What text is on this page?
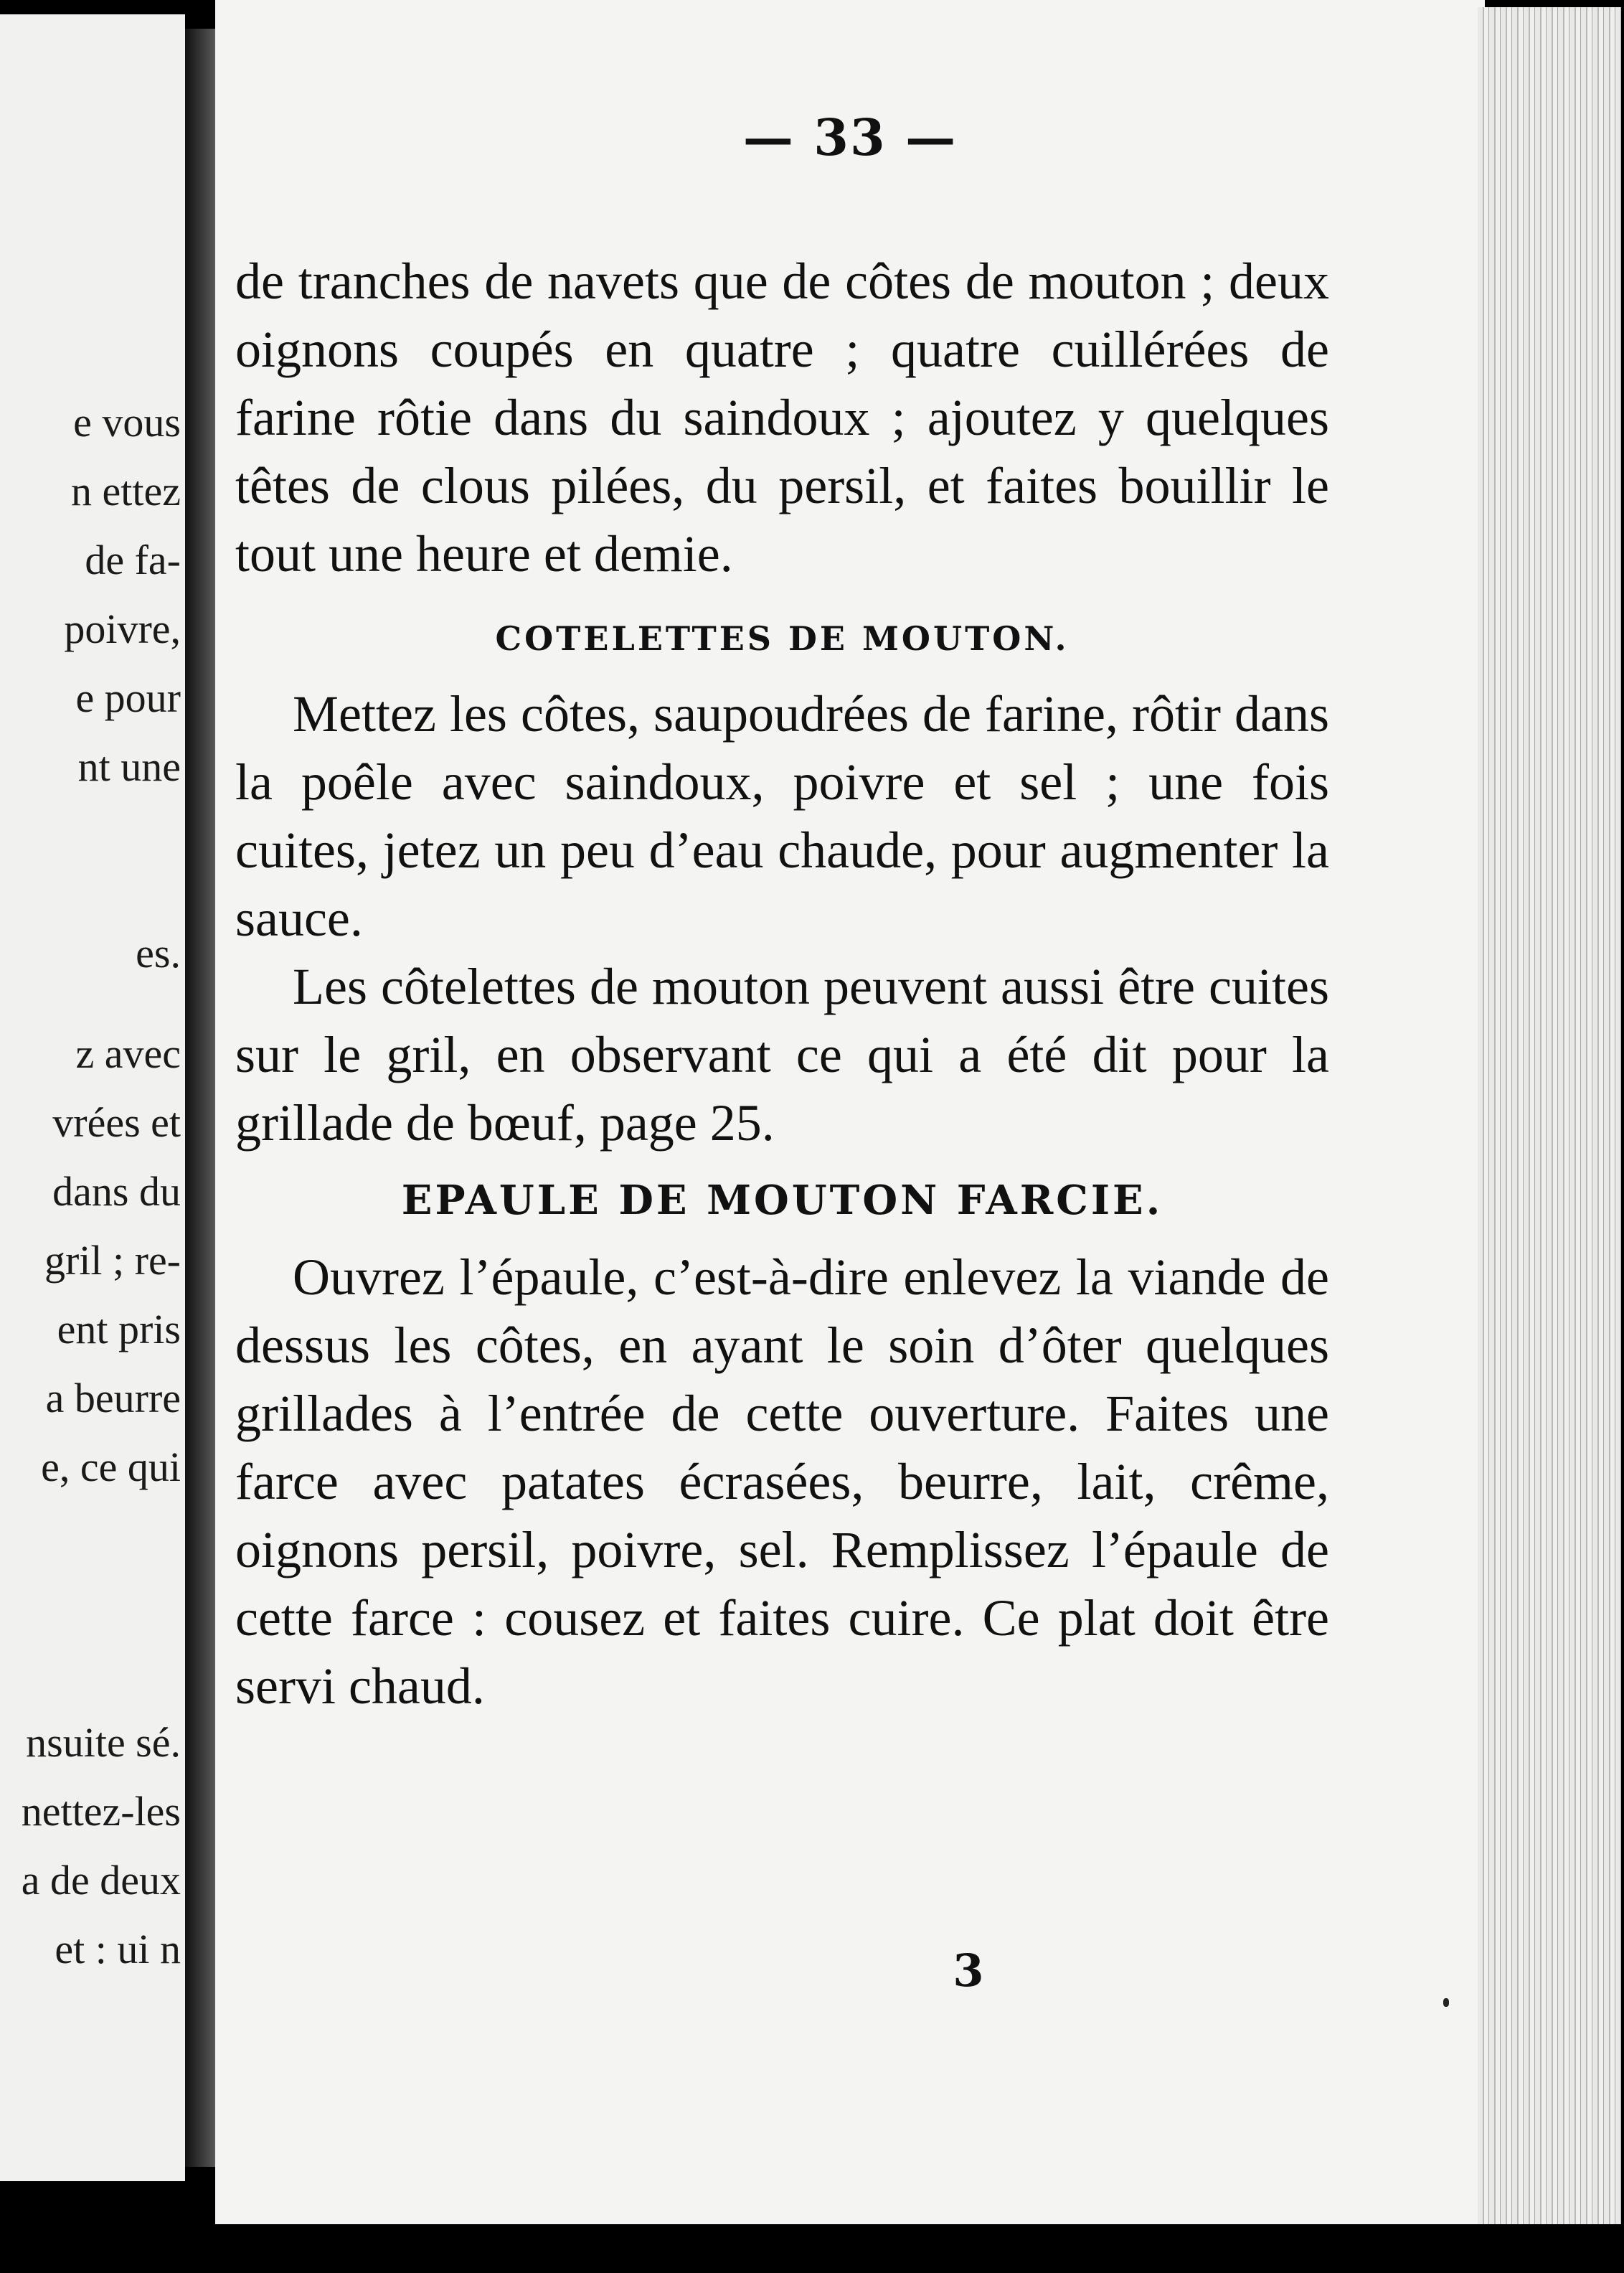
e vous
n ettez
de fa-
poivre,
e pour
nt une
es.
z avec
vrées et
dans du
gril ; re-
ent pris
a beurre
e, ce qui
nsuite sé.
nettez-les
a de deux
et : ui n
— 33 —

de tranches de navets que de côtes de mouton ; deux oignons coupés en quatre ; quatre cuillérées de farine rôtie dans du saindoux ; ajoutez y quelques têtes de clous pilées, du persil, et faites bouillir le tout une heure et demie.

COTELETTES DE MOUTON.

Mettez les côtes, saupoudrées de farine, rôtir dans la poêle avec saindoux, poivre et sel ; une fois cuites, jetez un peu d’eau chaude, pour augmenter la sauce.

Les côtelettes de mouton peuvent aussi être cuites sur le gril, en observant ce qui a été dit pour la grillade de bœuf, page 25.

EPAULE DE MOUTON FARCIE.

Ouvrez l’épaule, c’est-à-dire enlevez la viande de dessus les côtes, en ayant le soin d’ôter quelques grillades à l’entrée de cette ouverture. Faites une farce avec patates écrasées, beurre, lait, crême, oignons persil, poivre, sel. Remplissez l’épaule de cette farce : cousez et faites cuire. Ce plat doit être servi chaud.

3
